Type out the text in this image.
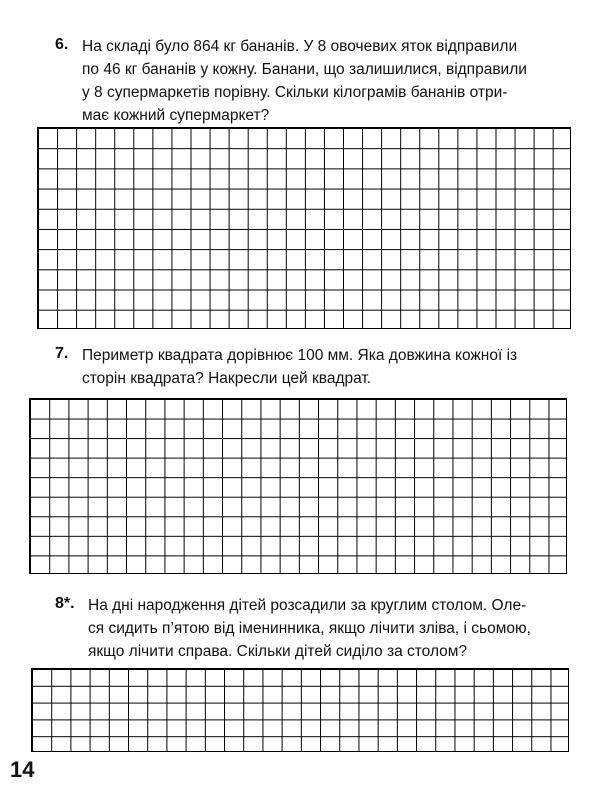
6. На складі було 864 кг бананів. У 8 овочевих яток відправили
по 46 кг бананів у кожну. Банани, що залишилися, відправили
у 8 супермаркетів порівну. Скільки кілограмів бананів отри-
має кожний супермаркет?
7. Периметр квадрата дорівнює 100 мм. Яка довжина кожної із
сторін квадрата? Накресли цей квадрат.
8*. На дні народження дітей розсадили за круглим столом. Оле-
ся сидить п’ятою від іменинника, якщо лічити зліва, і сьомою,
якщо лічити справа. Скільки дітей сиділо за столом?
14
